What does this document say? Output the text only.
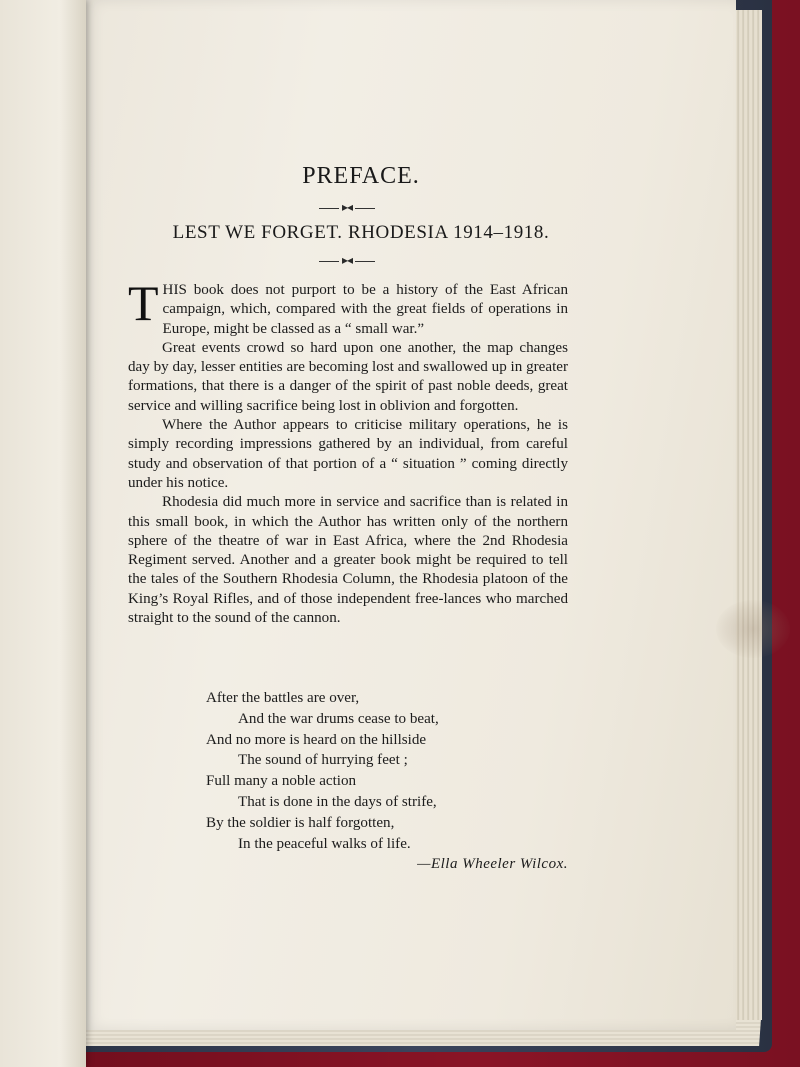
PREFACE.
▸◂
LEST WE FORGET. RHODESIA 1914–1918.
▸◂

THIS book does not purport to be a history of the East African campaign, which, compared with the great fields of operations in Europe, might be classed as a “ small war.”

Great events crowd so hard upon one another, the map changes day by day, lesser entities are becoming lost and swallowed up in greater formations, that there is a danger of the spirit of past noble deeds, great service and willing sacrifice being lost in oblivion and forgotten.

Where the Author appears to criticise military operations, he is simply recording impressions gathered by an individual, from careful study and observation of that portion of a “ situation ” coming directly under his notice.

Rhodesia did much more in service and sacrifice than is related in this small book, in which the Author has written only of the northern sphere of the theatre of war in East Africa, where the 2nd Rhodesia Regiment served. Another and a greater book might be required to tell the tales of the Southern Rhodesia Column, the Rhodesia platoon of the King’s Royal Rifles, and of those independent free-lances who marched straight to the sound of the cannon.

After the battles are over,
And the war drums cease to beat,
And no more is heard on the hillside
The sound of hurrying feet ;
Full many a noble action
That is done in the days of strife,
By the soldier is half forgotten,
In the peaceful walks of life.
—Ella Wheeler Wilcox.
